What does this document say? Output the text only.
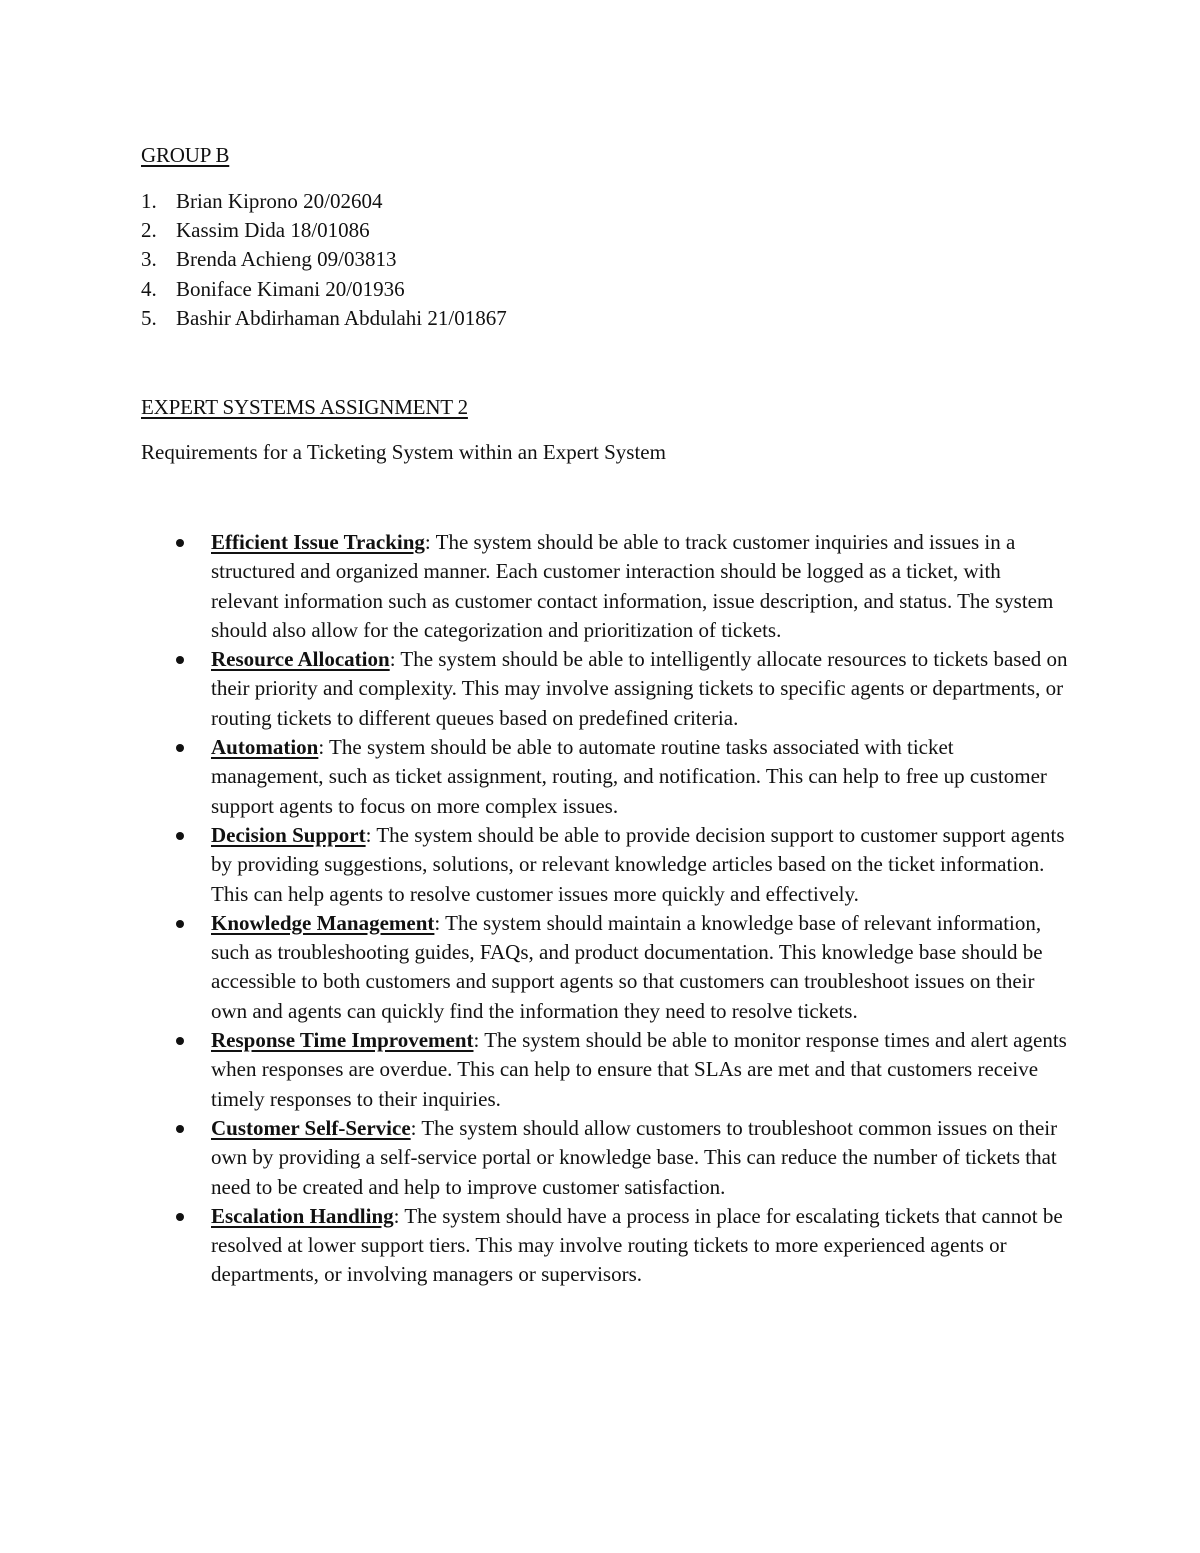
GROUP B
1. Brian Kiprono 20/02604
2. Kassim Dida 18/01086
3. Brenda Achieng 09/03813
4. Boniface Kimani 20/01936
5. Bashir Abdirhaman Abdulahi 21/01867
EXPERT SYSTEMS ASSIGNMENT 2

Requirements for a Ticketing System within an Expert System

Efficient Issue Tracking: The system should be able to track customer inquiries and issues in a structured and organized manner. Each customer interaction should be logged as a ticket, with relevant information such as customer contact information, issue description, and status. The system should also allow for the categorization and prioritization of tickets.
Resource Allocation: The system should be able to intelligently allocate resources to tickets based on their priority and complexity. This may involve assigning tickets to specific agents or departments, or routing tickets to different queues based on predefined criteria.
Automation: The system should be able to automate routine tasks associated with ticket management, such as ticket assignment, routing, and notification. This can help to free up customer support agents to focus on more complex issues.
Decision Support: The system should be able to provide decision support to customer support agents by providing suggestions, solutions, or relevant knowledge articles based on the ticket information. This can help agents to resolve customer issues more quickly and effectively.
Knowledge Management: The system should maintain a knowledge base of relevant information, such as troubleshooting guides, FAQs, and product documentation. This knowledge base should be accessible to both customers and support agents so that customers can troubleshoot issues on their own and agents can quickly find the information they need to resolve tickets.
Response Time Improvement: The system should be able to monitor response times and alert agents when responses are overdue. This can help to ensure that SLAs are met and that customers receive timely responses to their inquiries.
Customer Self-Service: The system should allow customers to troubleshoot common issues on their own by providing a self-service portal or knowledge base. This can reduce the number of tickets that need to be created and help to improve customer satisfaction.
Escalation Handling: The system should have a process in place for escalating tickets that cannot be resolved at lower support tiers. This may involve routing tickets to more experienced agents or departments, or involving managers or supervisors.
